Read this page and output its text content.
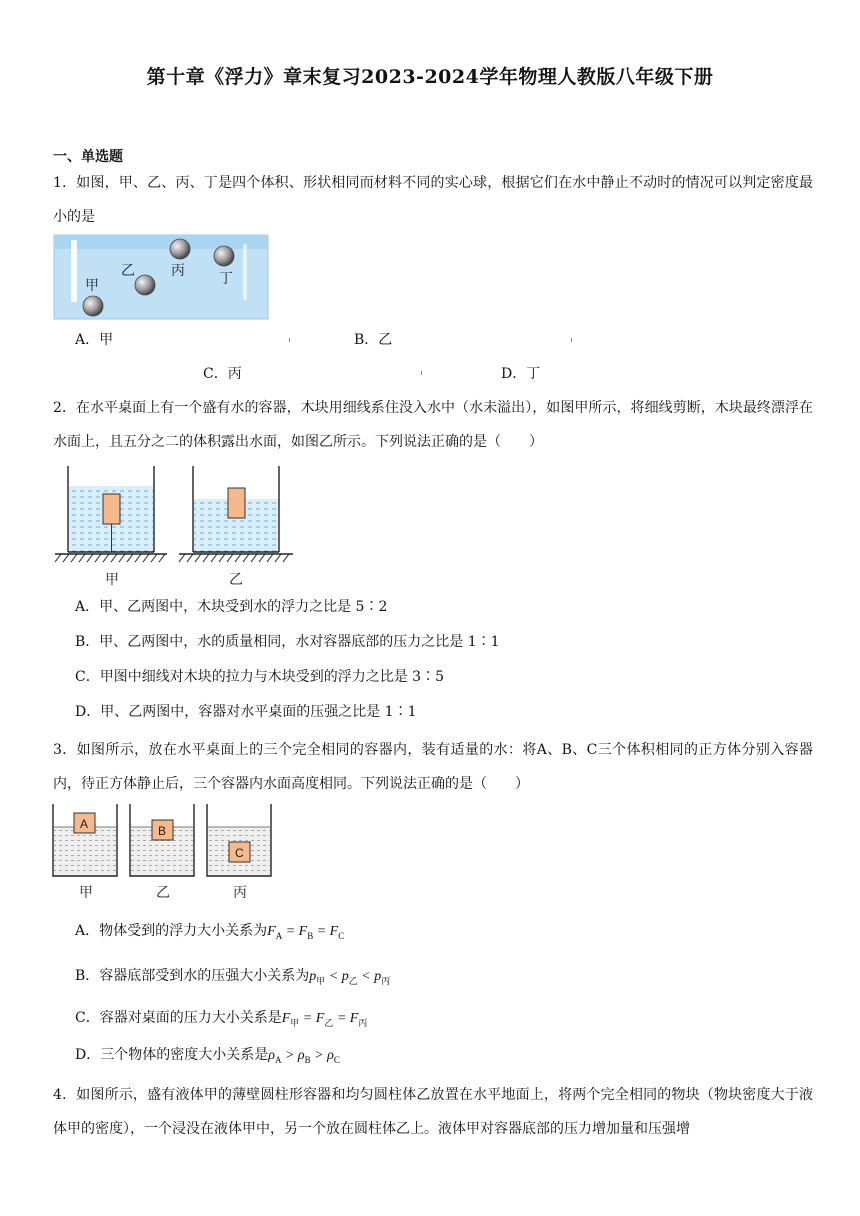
第十章《浮力》章末复习2023-2024学年物理人教版八年级下册
一、单选题
1．如图，甲、乙、丙、丁是四个体积、形状相同而材料不同的实心球，根据它们在水中静止不动时的情况可以判定密度最小的是
甲
乙	丙 丁
A．甲	B．乙
C．丙	D．丁
2．在水平桌面上有一个盛有水的容器，木块用细线系住没入水中（水未溢出），如图甲所示，将细线剪断，木块最终漂浮在水面上，且五分之二的体积露出水面，如图乙所示。下列说法正确的是（　　）
甲	乙
A．甲、乙两图中，木块受到水的浮力之比是 5∶2
B．甲、乙两图中，水的质量相同，水对容器底部的压力之比是 1∶1
C．甲图中细线对木块的拉力与木块受到的浮力之比是 3∶5
D．甲、乙两图中，容器对水平桌面的压强之比是 1∶1
3．如图所示，放在水平桌面上的三个完全相同的容器内，装有适量的水：将A、B、C三个体积相同的正方体分别入容器内，待正方体静止后，三个容器内水面高度相同。下列说法正确的是（　　）
A
甲
B
乙
C
丙
A．物体受到的浮力大小关系为$F_A = F_B = F_C$
B．容器底部受到水的压强大小关系为$p_甲 < p_乙 < p_丙$
C．容器对桌面的压力大小关系是$F_甲 = F_乙 = F_丙$
D．三个物体的密度大小关系是$\rho_A > \rho_B > \rho_C$
4．如图所示，盛有液体甲的薄壁圆柱形容器和均匀圆柱体乙放置在水平地面上，将两个完全相同的物块（物块密度大于液体甲的密度），一个浸没在液体甲中，另一个放在圆柱体乙上。液体甲对容器底部的压力增加量和压强增
